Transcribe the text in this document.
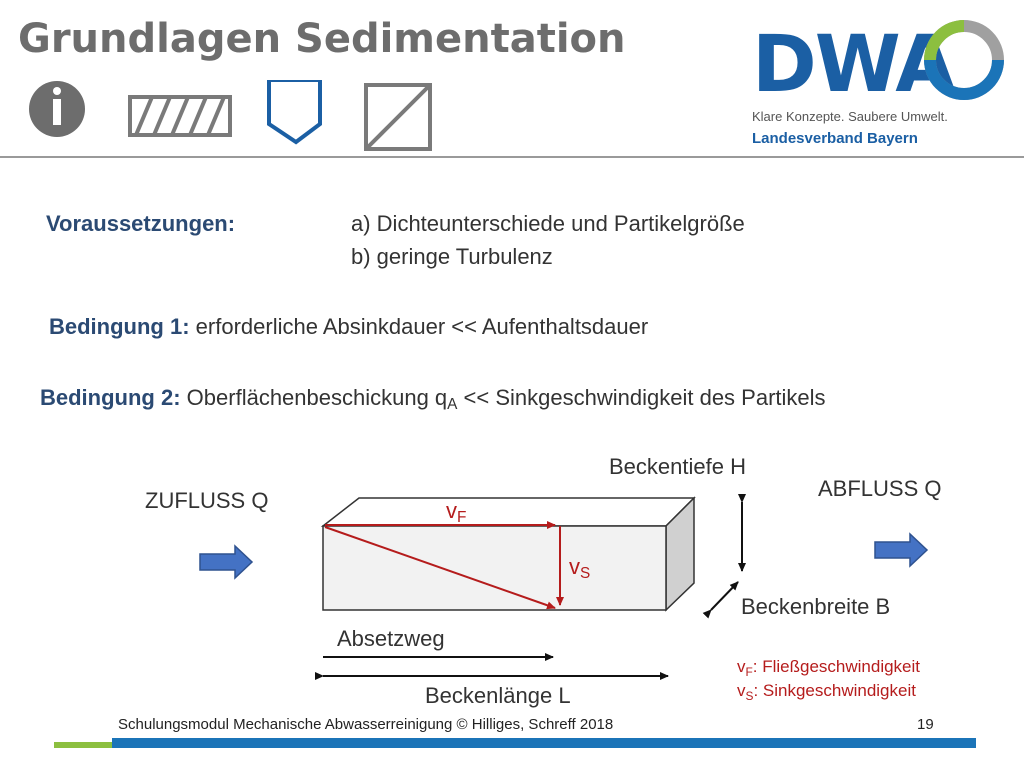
Grundlagen Sedimentation DWA
Klare Konzepte. Saubere Umwelt.
Landesverband Bayern
Voraussetzungen:	a) Dichteunterschiede und Partikelgröße
b) geringe Turbulenz
Bedingung 1: erforderliche Absinkdauer << Aufenthaltsdauer
Bedingung 2: Oberflächenbeschickung $q_A$ << Sinkgeschwindigkeit des Partikels
Beckentiefe H
ABFLUSS Q
ZUFLUSS Q	$v_F$
$v_S$
Beckenbreite B
Absetzweg
Beckenlänge L
$v_F$: Fließgeschwindigkeit
$v_S$: Sinkgeschwindigkeit
Schulungsmodul Mechanische Abwasserreinigung © Hilliges, Schreff 2018	19
